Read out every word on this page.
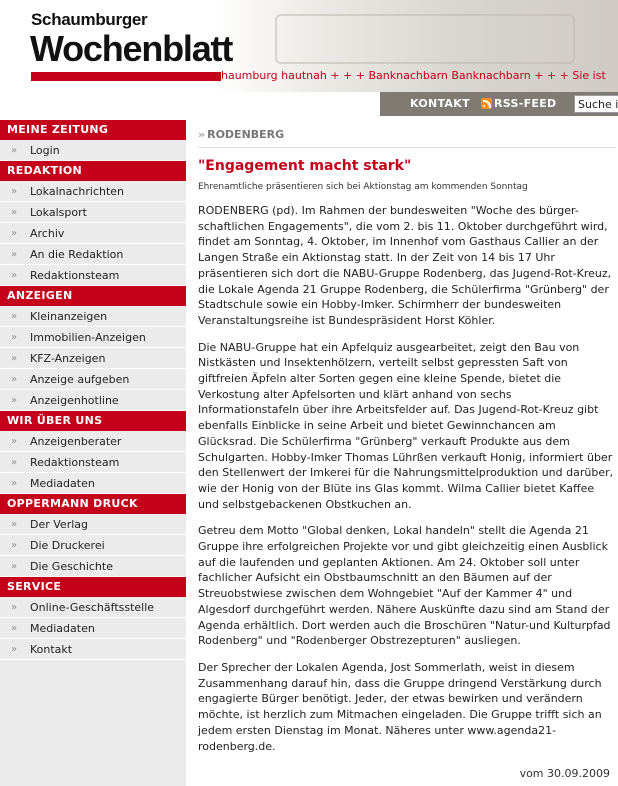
Schaumburger
Wochenblatt
haumburg hautnah + + + Banknachbarn Banknachbarn + + + Sie ist
KONTAKT RSS-FEED
Suche i
MEINE ZEITUNG
» Login
REDAKTION
» Lokalnachrichten
» Lokalsport
» Archiv
» An die Redaktion
» Redaktionsteam
ANZEIGEN
» Kleinanzeigen
» Immobilien-Anzeigen
» KFZ-Anzeigen
» Anzeige aufgeben
» Anzeigenhotline
WIR ÜBER UNS
» Anzeigenberater
» Redaktionsteam
» Mediadaten
OPPERMANN DRUCK
» Der Verlag
» Die Druckerei
» Die Geschichte
SERVICE
» Online-Geschäftsstelle
» Mediadaten
» Kontakt
» RODENBERG
"Engagement macht stark"
Ehrenamtliche präsentieren sich bei Aktionstag am kommenden Sonntag
RODENBERG (pd). Im Rahmen der bundesweiten "Woche des bürger-schaftlichen Engagements", die vom 2. bis 11. Oktober durchgeführt wird, findet am Sonntag, 4. Oktober, im Innenhof vom Gasthaus Callier an der Langen Straße ein Aktionstag statt. In der Zeit von 14 bis 17 Uhr präsentieren sich dort die NABU-Gruppe Rodenberg, das Jugend-Rot-Kreuz, die Lokale Agenda 21 Gruppe Rodenberg, die Schülerfirma "Grünberg" der Stadtschule sowie ein Hobby-Imker. Schirmherr der bundesweiten Veranstaltungsreihe ist Bundespräsident Horst Köhler.
Die NABU-Gruppe hat ein Apfelquiz ausgearbeitet, zeigt den Bau von Nistkästen und Insektenhölzern, verteilt selbst gepressten Saft von giftfreien Äpfeln alter Sorten gegen eine kleine Spende, bietet die Verkostung alter Apfelsorten und klärt anhand von sechs Informationstafeln über ihre Arbeitsfelder auf. Das Jugend-Rot-Kreuz gibt ebenfalls Einblicke in seine Arbeit und bietet Gewinnchancen am Glücksrad. Die Schülerfirma "Grünberg" verkauft Produkte aus dem Schulgarten. Hobby-Imker Thomas Lührßen verkauft Honig, informiert über den Stellenwert der Imkerei für die Nahrungsmittelproduktion und darüber, wie der Honig von der Blüte ins Glas kommt. Wilma Callier bietet Kaffee und selbstgebackenen Obstkuchen an.
Getreu dem Motto "Global denken, Lokal handeln" stellt die Agenda 21 Gruppe ihre erfolgreichen Projekte vor und gibt gleichzeitig einen Ausblick auf die laufenden und geplanten Aktionen. Am 24. Oktober soll unter fachlicher Aufsicht ein Obstbaumschnitt an den Bäumen auf der Streuobstwiese zwischen dem Wohngebiet "Auf der Kammer 4" und Algesdorf durchgeführt werden. Nähere Auskünfte dazu sind am Stand der Agenda erhältlich. Dort werden auch die Broschüren "Natur-und Kulturpfad Rodenberg" und "Rodenberger Obstrezepturen" ausliegen.
Der Sprecher der Lokalen Agenda, Jost Sommerlath, weist in diesem Zusammenhang darauf hin, dass die Gruppe dringend Verstärkung durch engagierte Bürger benötigt. Jeder, der etwas bewirken und verändern möchte, ist herzlich zum Mitmachen eingeladen. Die Gruppe trifft sich an jedem ersten Dienstag im Monat. Näheres unter www.agenda21-rodenberg.de.
vom 30.09.2009
